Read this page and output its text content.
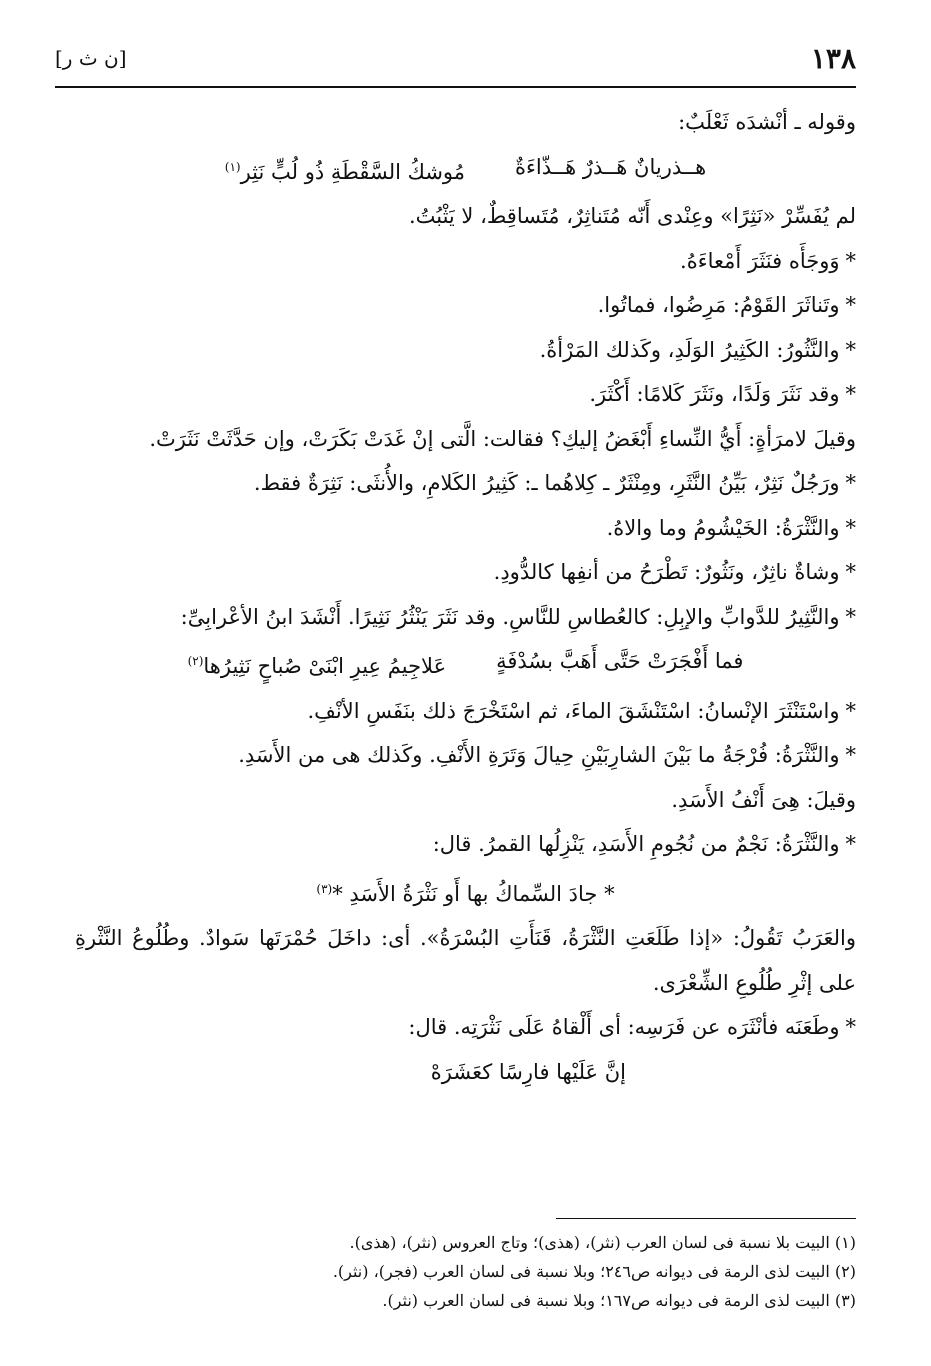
١٣٨
[ن ث ر]

وقوله ـ أنْشدَه ثَعْلَبٌ:

هــذريانٌ هَــذرٌ هَــذّاءَةٌ
مُوشكُ السَّقْطَةِ ذُو لُبٍّ نَثِر$^{(١)}$

لم يُفَسِّرْ «نَثِرًا» وعِنْدى أَنّه مُتَناثِرٌ، مُتَساقِطٌ، لا يَثْبُتُ.

*وَوجَأَه فنَثَرَ أَمْعاءَهُ.

*وتَناثَرَ القَوْمُ: مَرِضُوا، فماتُوا.

*والنَّثُورُ: الكَثِيرُ الوَلَدِ، وكَذلك المَرْأةُ.

*وقد نَثَرَ وَلَدًا، ونَثَرَ كَلامًا: أَكْثَرَ.

وقيلَ لامرَأةٍ: أَيُّ النِّساءِ أَبْغَضُ إليكِ؟ فقالت: الَّتى إنْ غَدَتْ بَكَرَتْ، وإن حَدَّثَتْ نَثَرَتْ.

*ورَجُلٌ نَثِرٌ، بَيِّنُ النَّثَرِ، ومِنْثَرٌ ـ كِلاهُما ـ: كَثِيرُ الكَلامِ، والأُنثَى: نَثِرَةٌ فقط.

*والنَّثْرَةُ: الخَيْشُومُ وما والاهُ.

*وشاةٌ ناثِرٌ، ونَثُورٌ: تَطْرَحُ من أنفِها كالدُّودِ.

*والنَّثِيرُ للدَّوابِّ والإبِلِ: كالعُطاسِ للنَّاسِ. وقد نَثَرَ يَنْثُرُ نَثِيرًا. أَنْشَدَ ابنُ الأعْرابِىِّ:

فما أَفْجَرَتْ حَتَّى أَهَبَّ بسُدْفَةٍ
عَلاجِيمُ عِيرِ ابْنَىْ صُباحٍ نَثِيرُها$^{(٢)}$

*واسْتَنْثَرَ الإنْسانُ: اسْتَنْشَقَ الماءَ، ثم اسْتَخْرَجَ ذلك بنَفَسِ الأنْفِ.

*والنَّثْرَةُ: فُرْجَةُ ما بَيْنَ الشارِبَيْنِ حِيالَ وَتَرَةِ الأَنْفِ. وكَذلك هى من الأَسَدِ.

وقيلَ: هِىَ أَنْفُ الأَسَدِ.

*والنَّثْرَةُ: نَجْمٌ من نُجُومِ الأَسَدِ، يَنْزِلُها القمرُ. قال:

* جادَ السِّماكُ بها أَو نَثْرَةُ الأَسَدِ *$^{(٣)}$

والعَرَبُ تَقُولُ: «إذا طَلَعَتِ النَّثْرَةُ، قَنَأَتِ البُسْرَةُ». أى: داخَلَ حُمْرَتَها سَوادٌ. وطُلُوعُ النَّثْرةِ على إثْرِ طُلُوعِ الشِّعْرَى.

*وطَعَنَه فأنْثَرَه عن فَرَسِه: أى أَلْقاهُ عَلَى نَثْرَتِه. قال:

إنَّ عَلَيْها فارِسًا كعَشَرَهْ

(١) البيت بلا نسبة فى لسان العرب (نثر)، (هذى)؛ وتاج العروس (نثر)، (هذى).

(٢) البيت لذى الرمة فى ديوانه ص٢٤٦؛ وبلا نسبة فى لسان العرب (فجر)، (نثر).

(٣) البيت لذى الرمة فى ديوانه ص١٦٧؛ وبلا نسبة فى لسان العرب (نثر).
